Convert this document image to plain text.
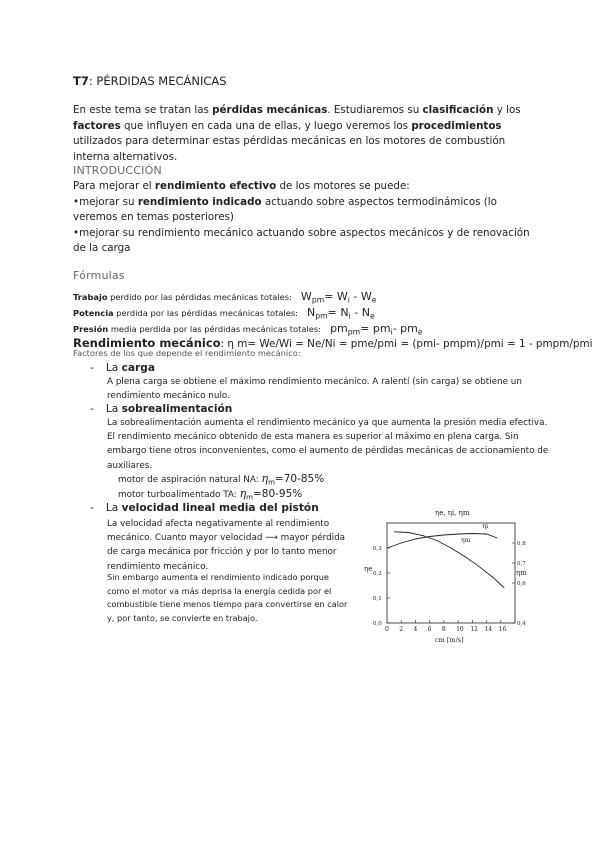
T7: PÉRDIDAS MECÁNICAS
En este tema se tratan las pérdidas mecánicas. Estudiaremos su clasificación y los factores que influyen en cada una de ellas, y luego veremos los procedimientos utilizados para determinar estas pérdidas mecánicas en los motores de combustión interna alternativos.
INTRODUCCIÓN
Para mejorar el rendimiento efectivo de los motores se puede:
•mejorar su rendimiento indicado actuando sobre aspectos termodinámicos (lo veremos en temas posteriores)
•mejorar su rendimiento mecánico actuando sobre aspectos mecánicos y de renovación de la carga
Fórmulas
Trabajo perdido por las pérdidas mecánicas totales: $W_{pm}= W_i - W_e$
Potencia perdida por las pérdidas mecánicas totales: $N_{pm}= N_i - N_e$
Presión media perdida por las pérdidas mecánicas totales: $pm_{pm}= pm_i-$ $pm_e$
Rendimiento mecánico: η m= We/Wi = Ne/Ni = pme/pmi = (pmi- pmpm)/pmi = 1 - pmpm/pmi
Factores de los que depende el rendimiento mecánico:
- La carga
A plena carga se obtiene el máximo rendimiento mecánico. A ralentí (sin carga) se obtiene un rendimiento mecánico nulo.
- La sobrealimentación
La sobrealimentación aumenta el rendimiento mecánico ya que aumenta la presión media efectiva. El rendimiento mecánico obtenido de esta manera es superior al máximo en plena carga. Sin embargo tiene otros inconvenientes, como el aumento de pérdidas mecánicas de accionamiento de auxiliares.
motor de aspiración natural NA: $\eta_m=70-85\%$
motor turboalimentado TA: $\eta_m=80-95\%$
- La velocidad lineal media del pistón
La velocidad afecta negativamente al rendimiento mecánico. Cuanto mayor velocidad ⟶ mayor pérdida de carga mecánica por fricción y por lo tanto menor rendimiento mecánico.
Sin embargo aumenta el rendimiento indicado porque como el motor va más deprisa la energía cedida por el combustible tiene menos tiempo para convertirse en calor y, por tanto, se convierte en trabajo.
ηe, ηi, ηm
0 2 4 6 8 10 12 14 16
0,0
0,1
0,2
0,3
0,4
0,6
0,7
0,8
ηe	ηm
cm [m/s]
ηi
ηm
